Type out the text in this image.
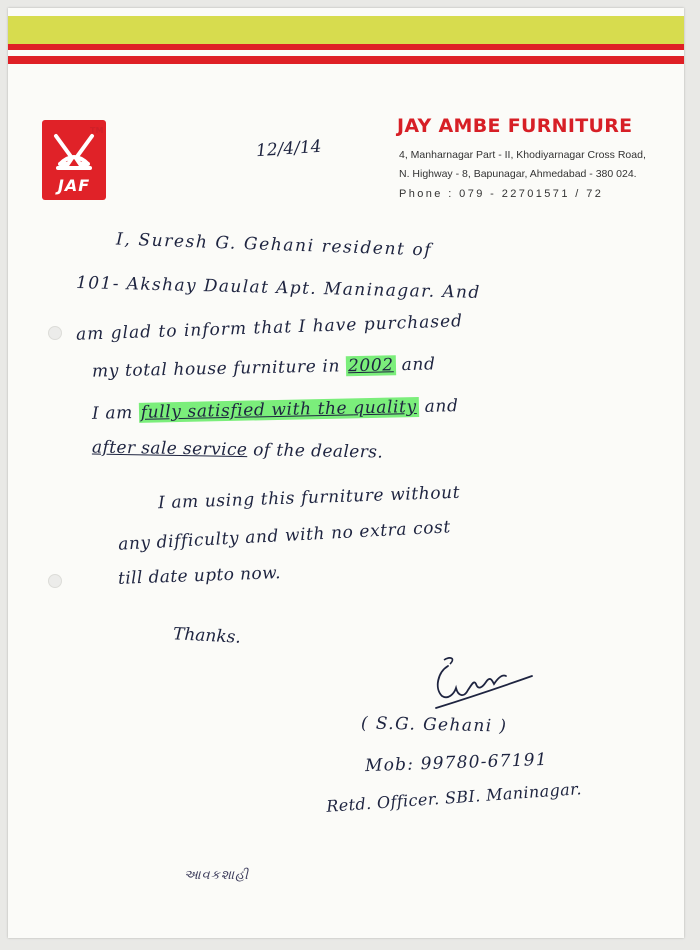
JAF
TM	JAY AMBE FURNITURE
4, Manharnagar Part - II, Khodiyarnagar Cross Road,
N. Highway - 8, Bapunagar, Ahmedabad - 380 024.
Phone : 079 - 22701571 / 72
12/4/14
I, Suresh G. Gehani resident of
101- Akshay Daulat Apt. Maninagar. And
am glad to inform that I have purchased
my total house furniture in 2002 and
I am fully satisfied with the quality and
after sale service of the dealers.
I am using this furniture without
any difficulty and with no extra cost
till date upto now.
Thanks.
( S.G. Gehani )
Mob: 99780-67191
Retd. Officer. SBI. Maninagar.
આવકશાહી
